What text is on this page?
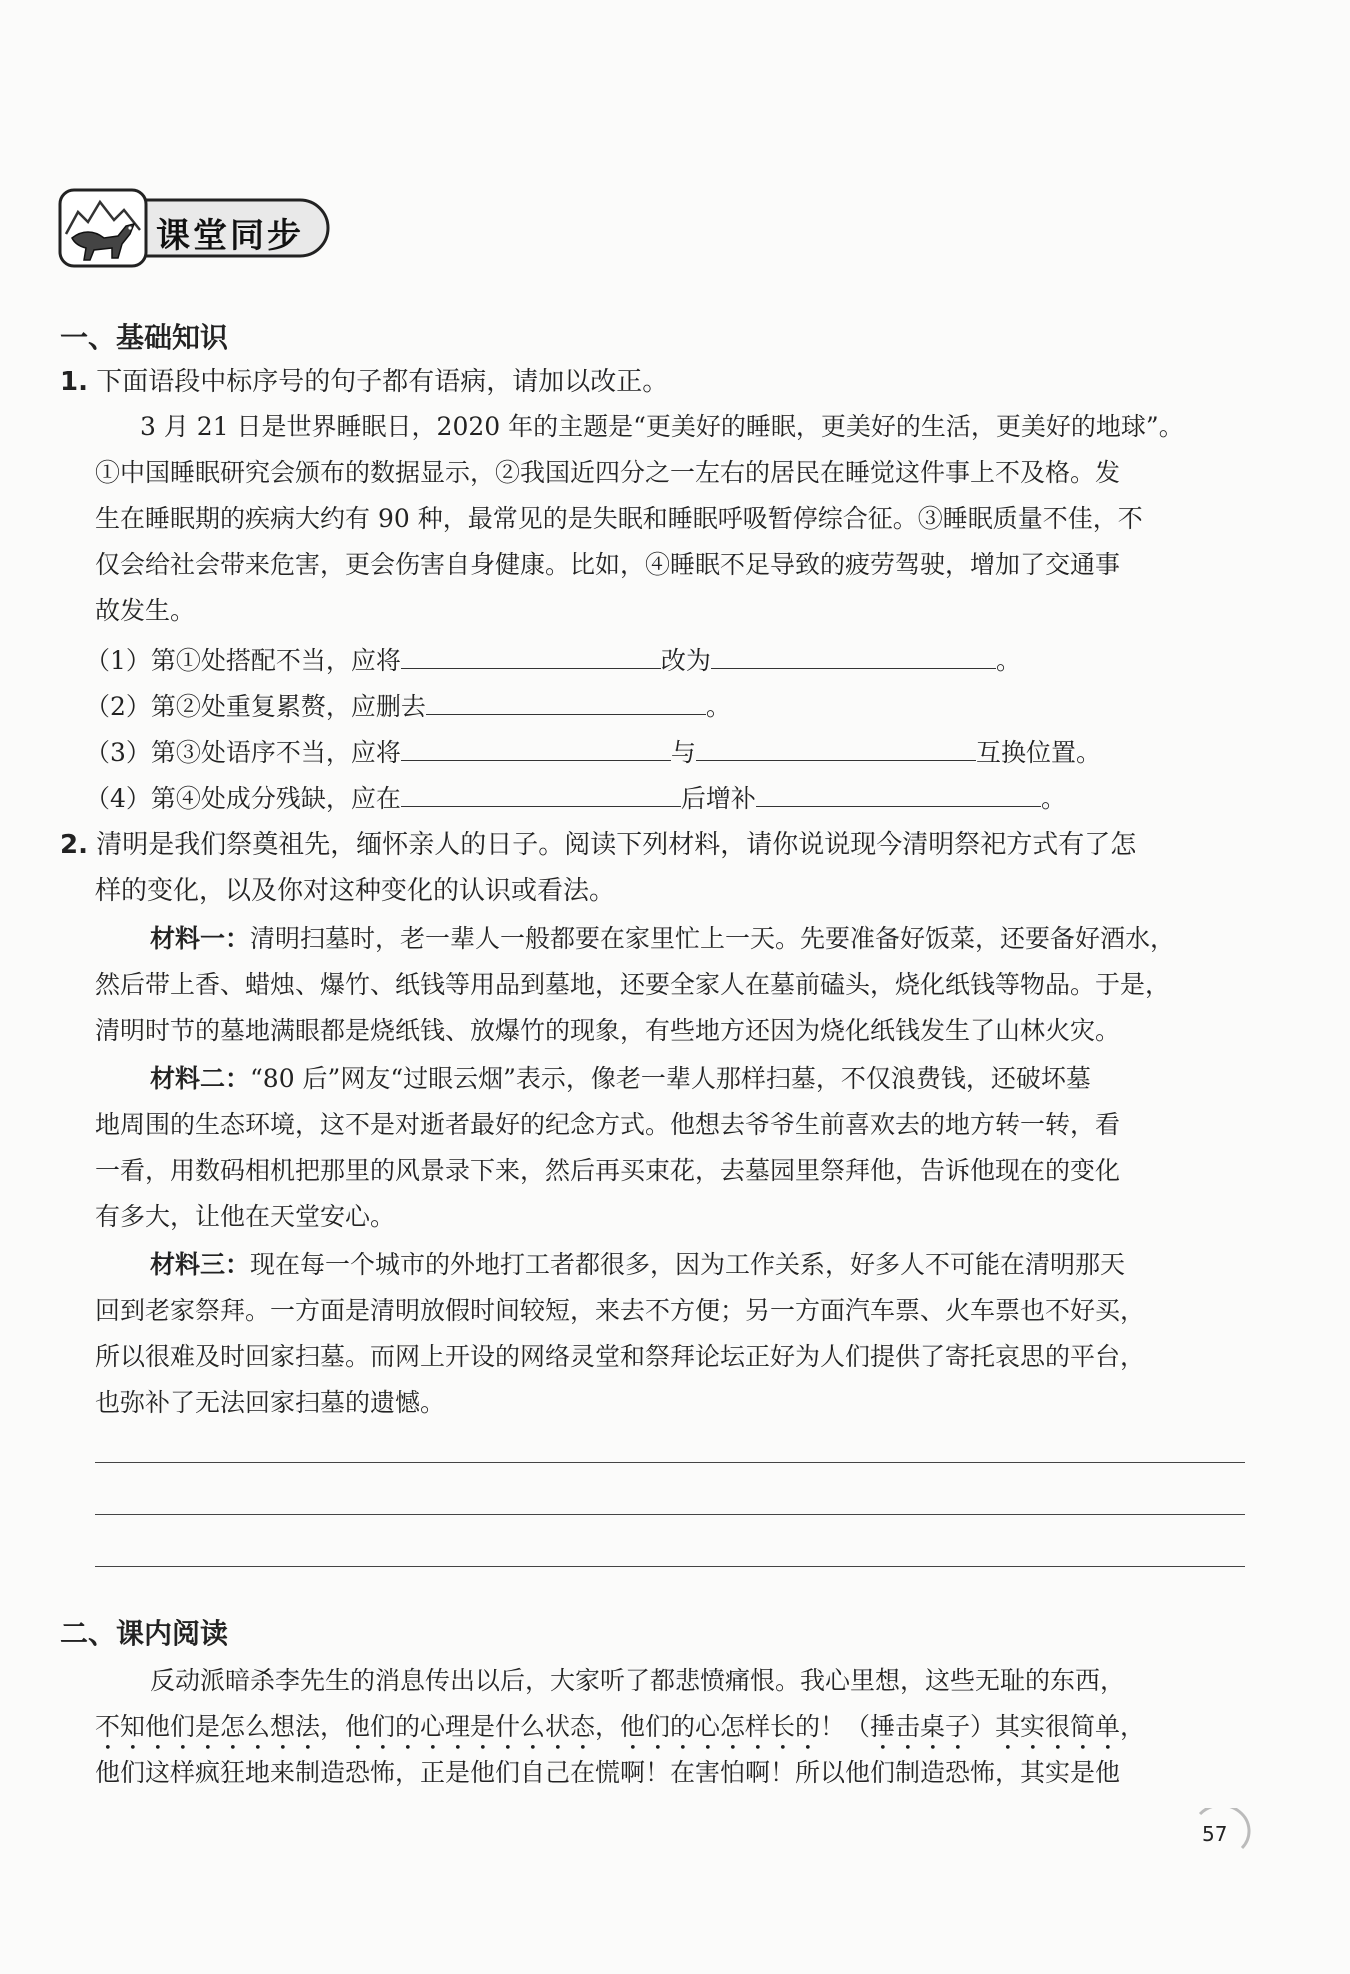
课堂同步
一、基础知识
1. 下面语段中标序号的句子都有语病，请加以改正。
3 月 21 日是世界睡眠日，2020 年的主题是“更美好的睡眠，更美好的生活，更美好的地球”。
①中国睡眠研究会颁布的数据显示，②我国近四分之一左右的居民在睡觉这件事上不及格。发
生在睡眠期的疾病大约有 90 种，最常见的是失眠和睡眠呼吸暂停综合征。③睡眠质量不佳，不
仅会给社会带来危害，更会伤害自身健康。比如，④睡眠不足导致的疲劳驾驶，增加了交通事
故发生。
（1）第①处搭配不当，应将	改为	。
（2）第②处重复累赘，应删去	。
（3）第③处语序不当，应将	与	互换位置。
（4）第④处成分残缺，应在	后增补	。
2. 清明是我们祭奠祖先，缅怀亲人的日子。阅读下列材料，请你说说现今清明祭祀方式有了怎
样的变化，以及你对这种变化的认识或看法。
材料一：清明扫墓时，老一辈人一般都要在家里忙上一天。先要准备好饭菜，还要备好酒水，
然后带上香、蜡烛、爆竹、纸钱等用品到墓地，还要全家人在墓前磕头，烧化纸钱等物品。于是，
清明时节的墓地满眼都是烧纸钱、放爆竹的现象，有些地方还因为烧化纸钱发生了山林火灾。
材料二：“80 后”网友“过眼云烟”表示，像老一辈人那样扫墓，不仅浪费钱，还破坏墓
地周围的生态环境，这不是对逝者最好的纪念方式。他想去爷爷生前喜欢去的地方转一转，看
一看，用数码相机把那里的风景录下来，然后再买束花，去墓园里祭拜他，告诉他现在的变化
有多大，让他在天堂安心。
材料三：现在每一个城市的外地打工者都很多，因为工作关系，好多人不可能在清明那天
回到老家祭拜。一方面是清明放假时间较短，来去不方便；另一方面汽车票、火车票也不好买，
所以很难及时回家扫墓。而网上开设的网络灵堂和祭拜论坛正好为人们提供了寄托哀思的平台，
也弥补了无法回家扫墓的遗憾。
二、课内阅读
反动派暗杀李先生的消息传出以后，大家听了都悲愤痛恨。我心里想，这些无耻的东西，
不知他们是怎么想法，他们的心理是什么状态，他们的心怎样长的！（捶击桌子）其实很简单，
他们这样疯狂地来制造恐怖，正是他们自己在慌啊！在害怕啊！所以他们制造恐怖，其实是他
57
